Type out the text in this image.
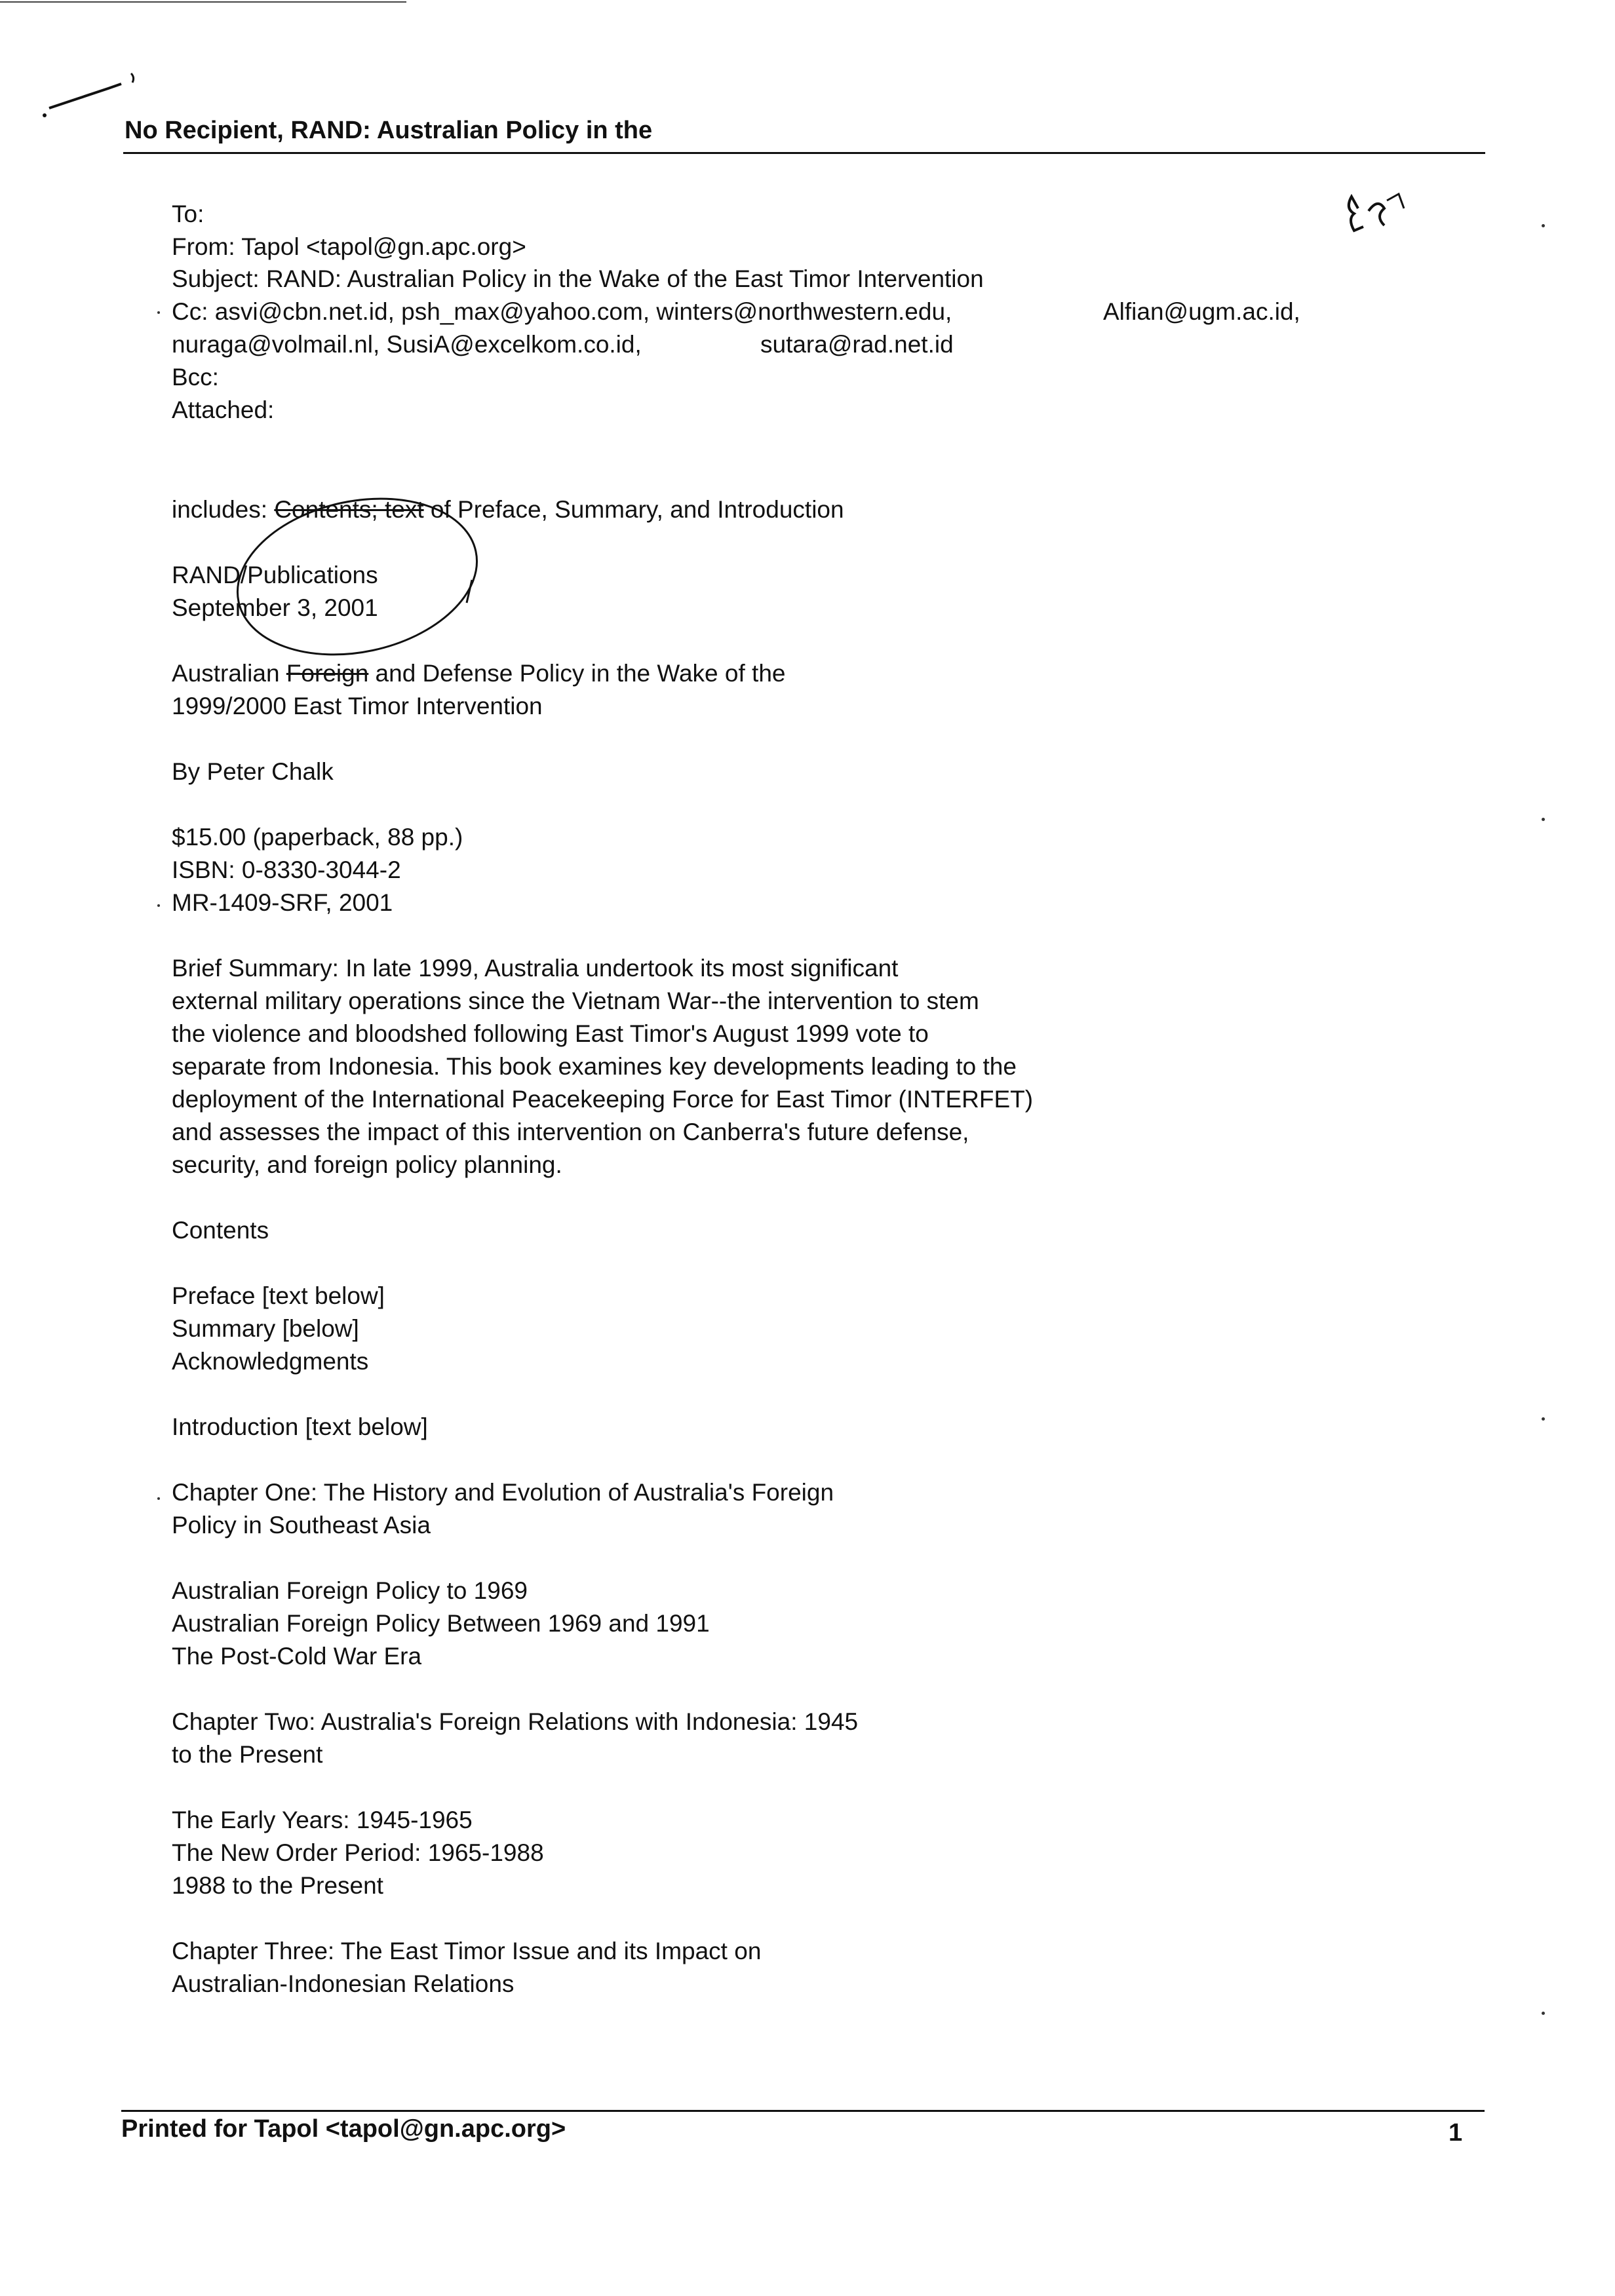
No Recipient, RAND: Australian Policy in the
To:
From: Tapol <tapol@gn.apc.org>
Subject: RAND: Australian Policy in the Wake of the East Timor Intervention
Cc: asvi@cbn.net.id, psh_max@yahoo.com, winters@northwestern.edu,	Alfian@ugm.ac.id,
nuraga@volmail.nl, SusiA@excelkom.co.id,	sutara@rad.net.id
Bcc:
Attached:
includes: Contents; text of Preface, Summary, and Introduction
RAND/Publications
September 3, 2001
Australian Foreign and Defense Policy in the Wake of the
1999/2000 East Timor Intervention
By Peter Chalk
$15.00 (paperback, 88 pp.)
ISBN: 0-8330-3044-2
MR-1409-SRF, 2001
Brief Summary: In late 1999, Australia undertook its most significant
external military operations since the Vietnam War--the intervention to stem
the violence and bloodshed following East Timor's August 1999 vote to
separate from Indonesia. This book examines key developments leading to the
deployment of the International Peacekeeping Force for East Timor (INTERFET)
and assesses the impact of this intervention on Canberra's future defense,
security, and foreign policy planning.
Contents
Preface [text below]
Summary [below]
Acknowledgments
Introduction [text below]
Chapter One: The History and Evolution of Australia's Foreign
Policy in Southeast Asia
Australian Foreign Policy to 1969
Australian Foreign Policy Between 1969 and 1991
The Post-Cold War Era
Chapter Two: Australia's Foreign Relations with Indonesia: 1945
to the Present
The Early Years: 1945-1965
The New Order Period: 1965-1988
1988 to the Present
Chapter Three: The East Timor Issue and its Impact on
Australian-Indonesian Relations
Printed for Tapol <tapol@gn.apc.org>	1
